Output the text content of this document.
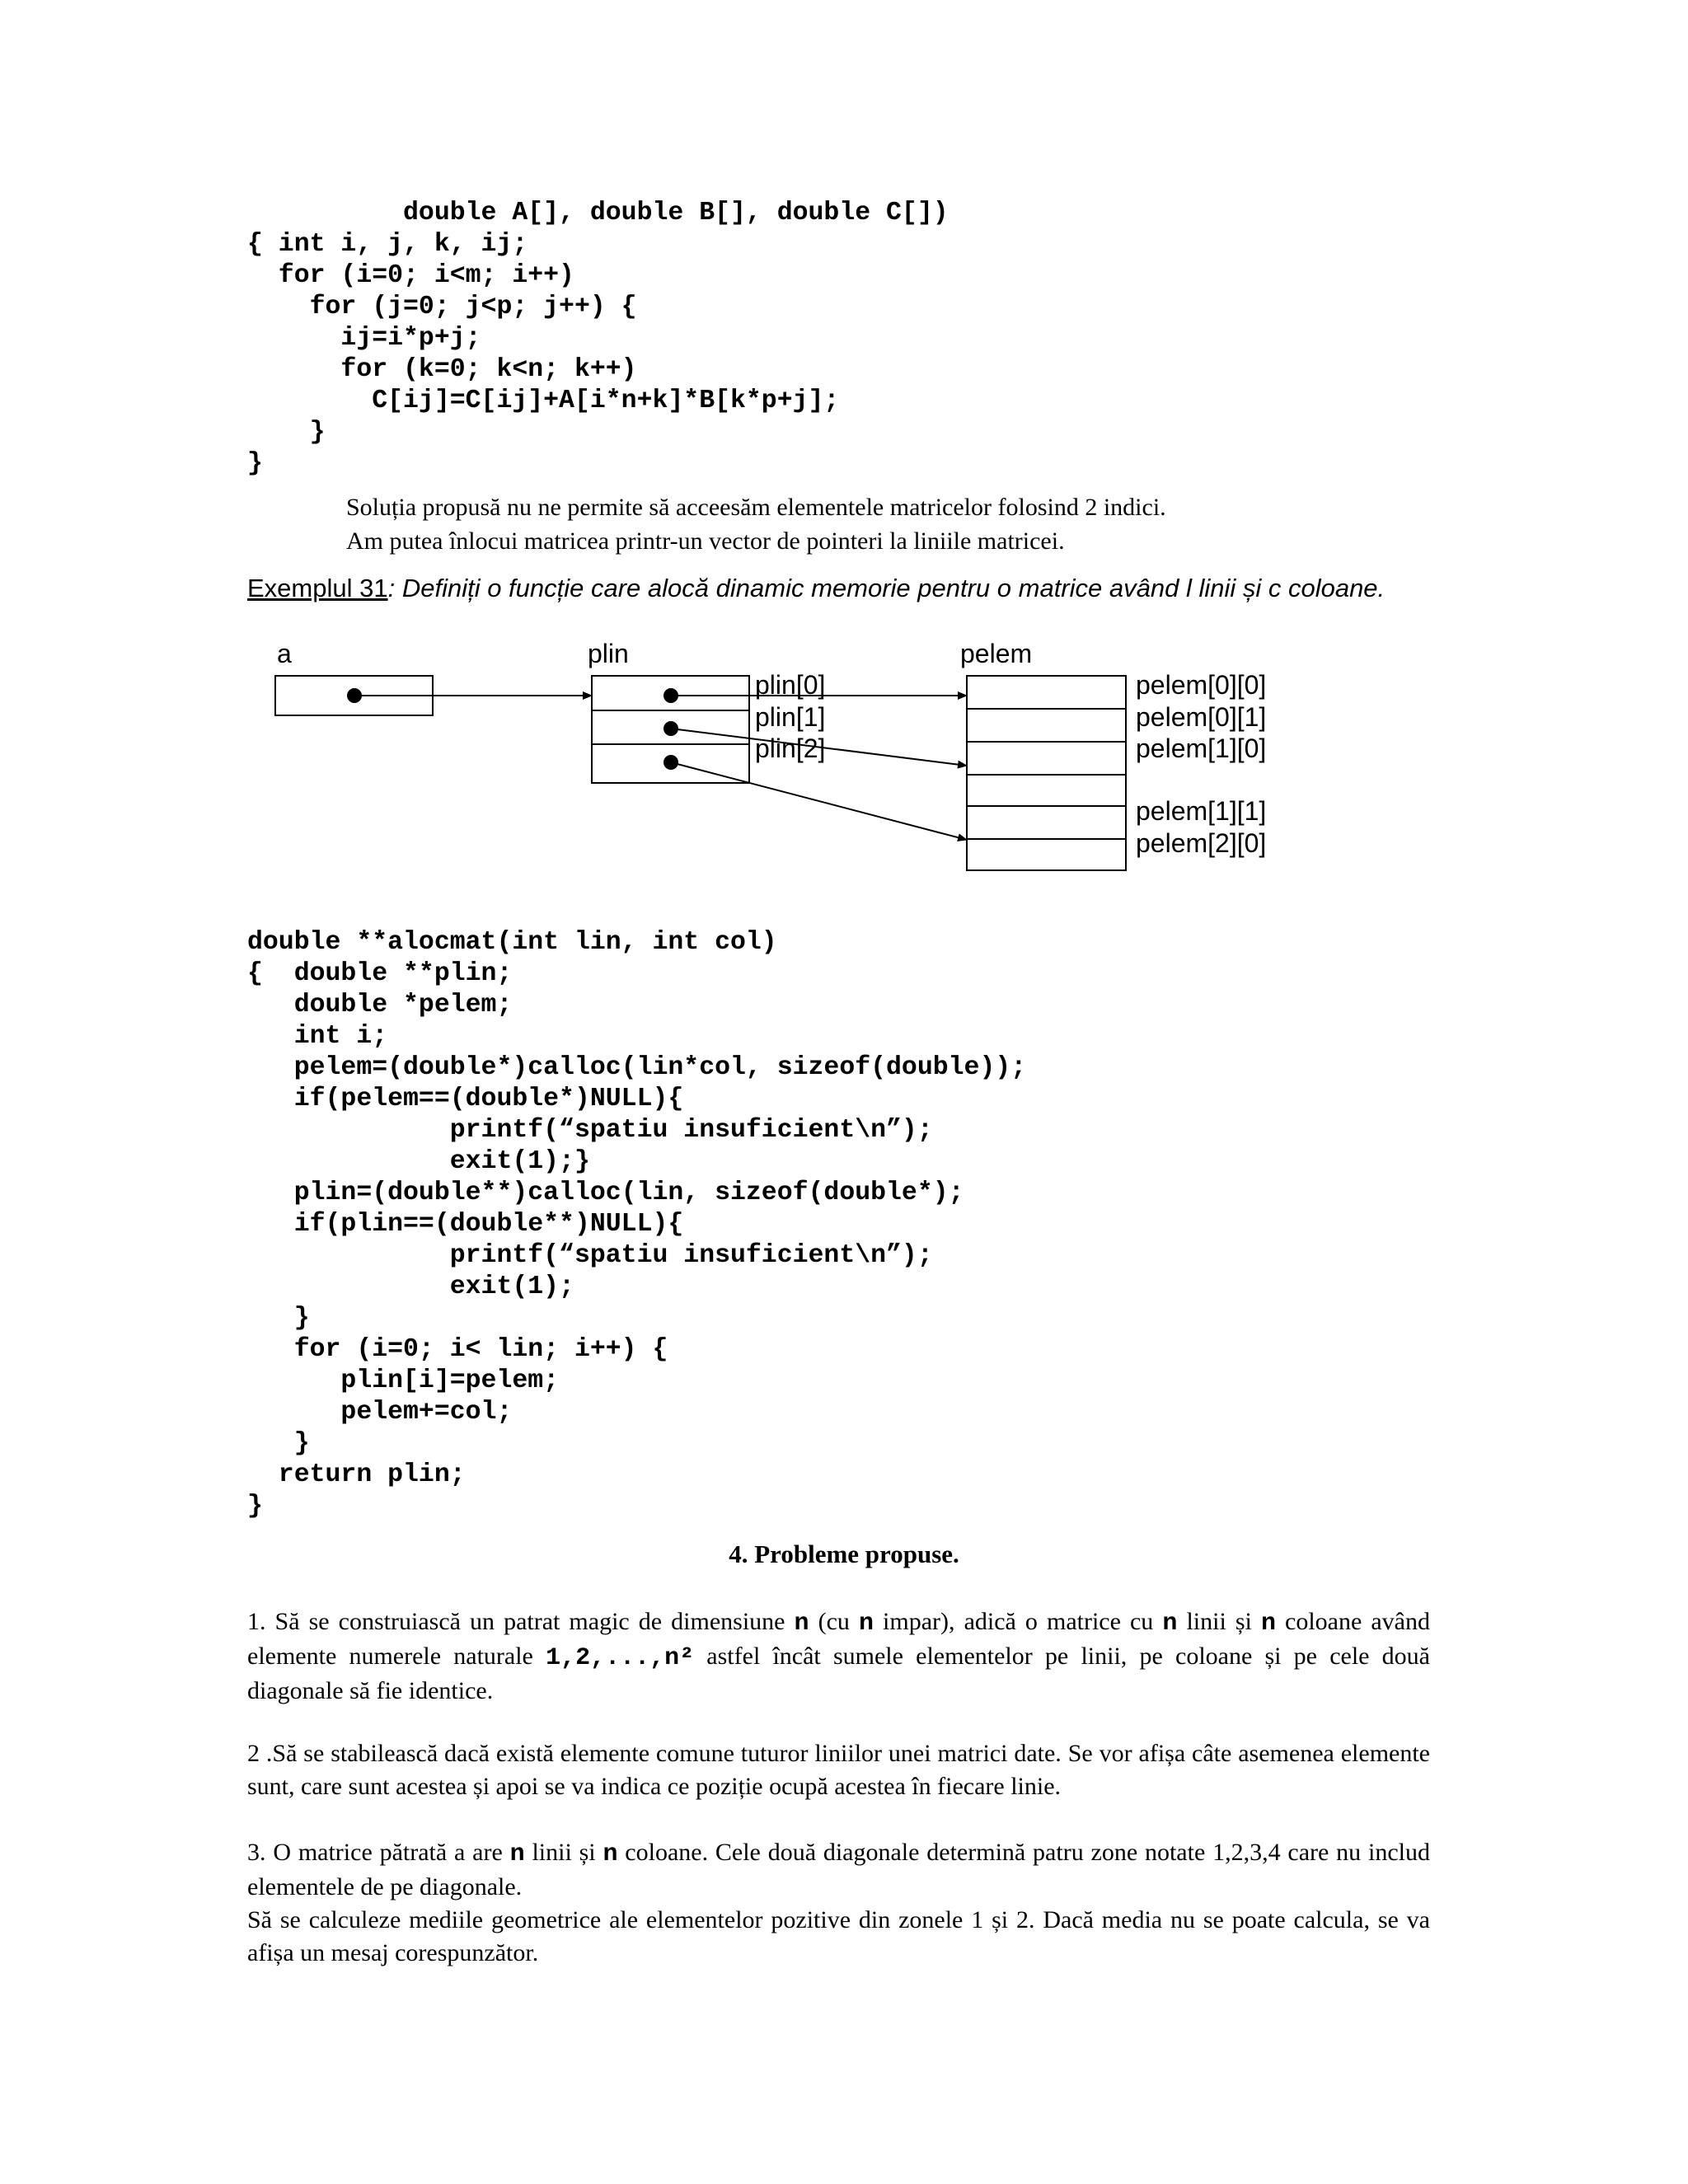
double A[], double B[], double C[])
{ int i, j, k, ij;
for (i=0; i<m; i++)
for (j=0; j<p; j++) {
ij=i*p+j;
for (k=0; k<n; k++)
C[ij]=C[ij]+A[i*n+k]*B[k*p+j];
}
}
Soluția propusă nu ne permite să acceesăm elementele matricelor folosind 2 indici.
Am putea înlocui matricea printr-un vector de pointeri la liniile matricei.
Exemplul 31: Definiți o funcție care alocă dinamic memorie pentru o matrice având l linii și c coloane.
a	plin	pelem
plin[0]
plin[1]
plin[2]
pelem[0][0]
pelem[0][1]
pelem[1][0]
pelem[1][1]
pelem[2][0]
double **alocmat(int lin, int col)
{  double **plin;
double *pelem;
int i;
pelem=(double*)calloc(lin*col, sizeof(double));
if(pelem==(double*)NULL){
printf(“spatiu insuficient\n”);
exit(1);}
plin=(double**)calloc(lin, sizeof(double*);
if(plin==(double**)NULL){
printf(“spatiu insuficient\n”);
exit(1);
}
for (i=0; i< lin; i++) {
plin[i]=pelem;
pelem+=col;
}
return plin;
}
4. Probleme propuse.

1. Să se construiască un patrat magic de dimensiune n (cu n impar), adică o matrice cu n linii și n coloane având elemente numerele naturale 1,2,...,n² astfel încât sumele elementelor pe linii, pe coloane și pe cele două diagonale să fie identice.

2 .Să se stabilească dacă există elemente comune tuturor liniilor unei matrici date. Se vor afișa câte asemenea elemente sunt, care sunt acestea și apoi se va indica ce poziție ocupă acestea în fiecare linie.

3. O matrice pătrată a are n linii și n coloane. Cele două diagonale determină patru zone notate 1,2,3,4 care nu includ elementele de pe diagonale.

Să se calculeze mediile geometrice ale elementelor pozitive din zonele 1 și 2. Dacă media nu se poate calcula, se va afișa un mesaj corespunzător.
